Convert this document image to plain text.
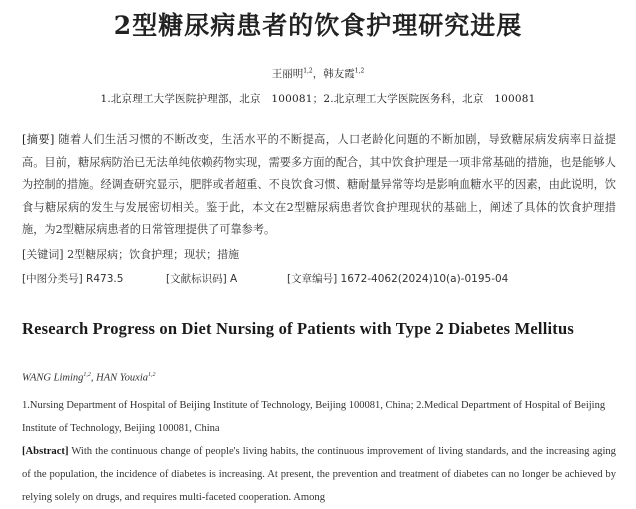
2型糖尿病患者的饮食护理研究进展
王丽明$^{1,2}$，韩友霞$^{1,2}$
1.北京理工大学医院护理部，北京　100081；2.北京理工大学医院医务科，北京　100081
[摘要] 随着人们生活习惯的不断改变，生活水平的不断提高，人口老龄化问题的不断加剧，导致糖尿病发病率日益提高。目前，糖尿病防治已无法单纯依赖药物实现，需要多方面的配合，其中饮食护理是一项非常基础的措施，也是能够人为控制的措施。经调查研究显示，肥胖或者超重、不良饮食习惯、糖耐量异常等均是影响血糖水平的因素，由此说明，饮食与糖尿病的发生与发展密切相关。鉴于此，本文在2型糖尿病患者饮食护理现状的基础上，阐述了具体的饮食护理措施，为2型糖尿病患者的日常管理提供了可靠参考。
[关键词] 2型糖尿病；饮食护理；现状；措施
[中图分类号] R473.5	[文献标识码] A	[文章编号] 1672-4062(2024)10(a)-0195-04
Research Progress on Diet Nursing of Patients with Type 2 Diabetes Mellitus
WANG Liming$^{1,2}$, HAN Youxia$^{1,2}$
1.Nursing Department of Hospital of Beijing Institute of Technology, Beijing 100081, China; 2.Medical Department of Hospital of Beijing Institute of Technology, Beijing 100081, China
[Abstract] With the continuous change of people's living habits, the continuous improvement of living standards, and the increasing aging of the population, the incidence of diabetes is increasing. At present, the prevention and treatment of diabetes can no longer be achieved by relying solely on drugs, and requires multi-faceted cooperation. Among
